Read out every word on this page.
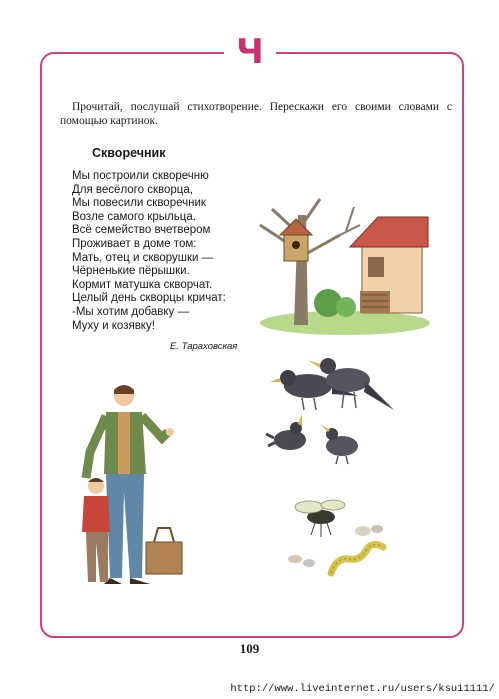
Ч
Прочитай, послушай стихотворение. Перескажи его своими словами с помощью картинок.
Скворечник
Мы построили скворечню
Для весёлого скворца,
Мы повесили скворечник
Возле самого крыльца.
Всё семейство вчетвером
Проживает в доме том:
Мать, отец и скворушки —
Чёрненькие пёрышки.
Кормит матушка скворчат.
Целый день скворцы кричат:
-Мы хотим добавку —
Муху и козявку!
Е. Тараховская
109
http://www.liveinternet.ru/users/ksu11111/
